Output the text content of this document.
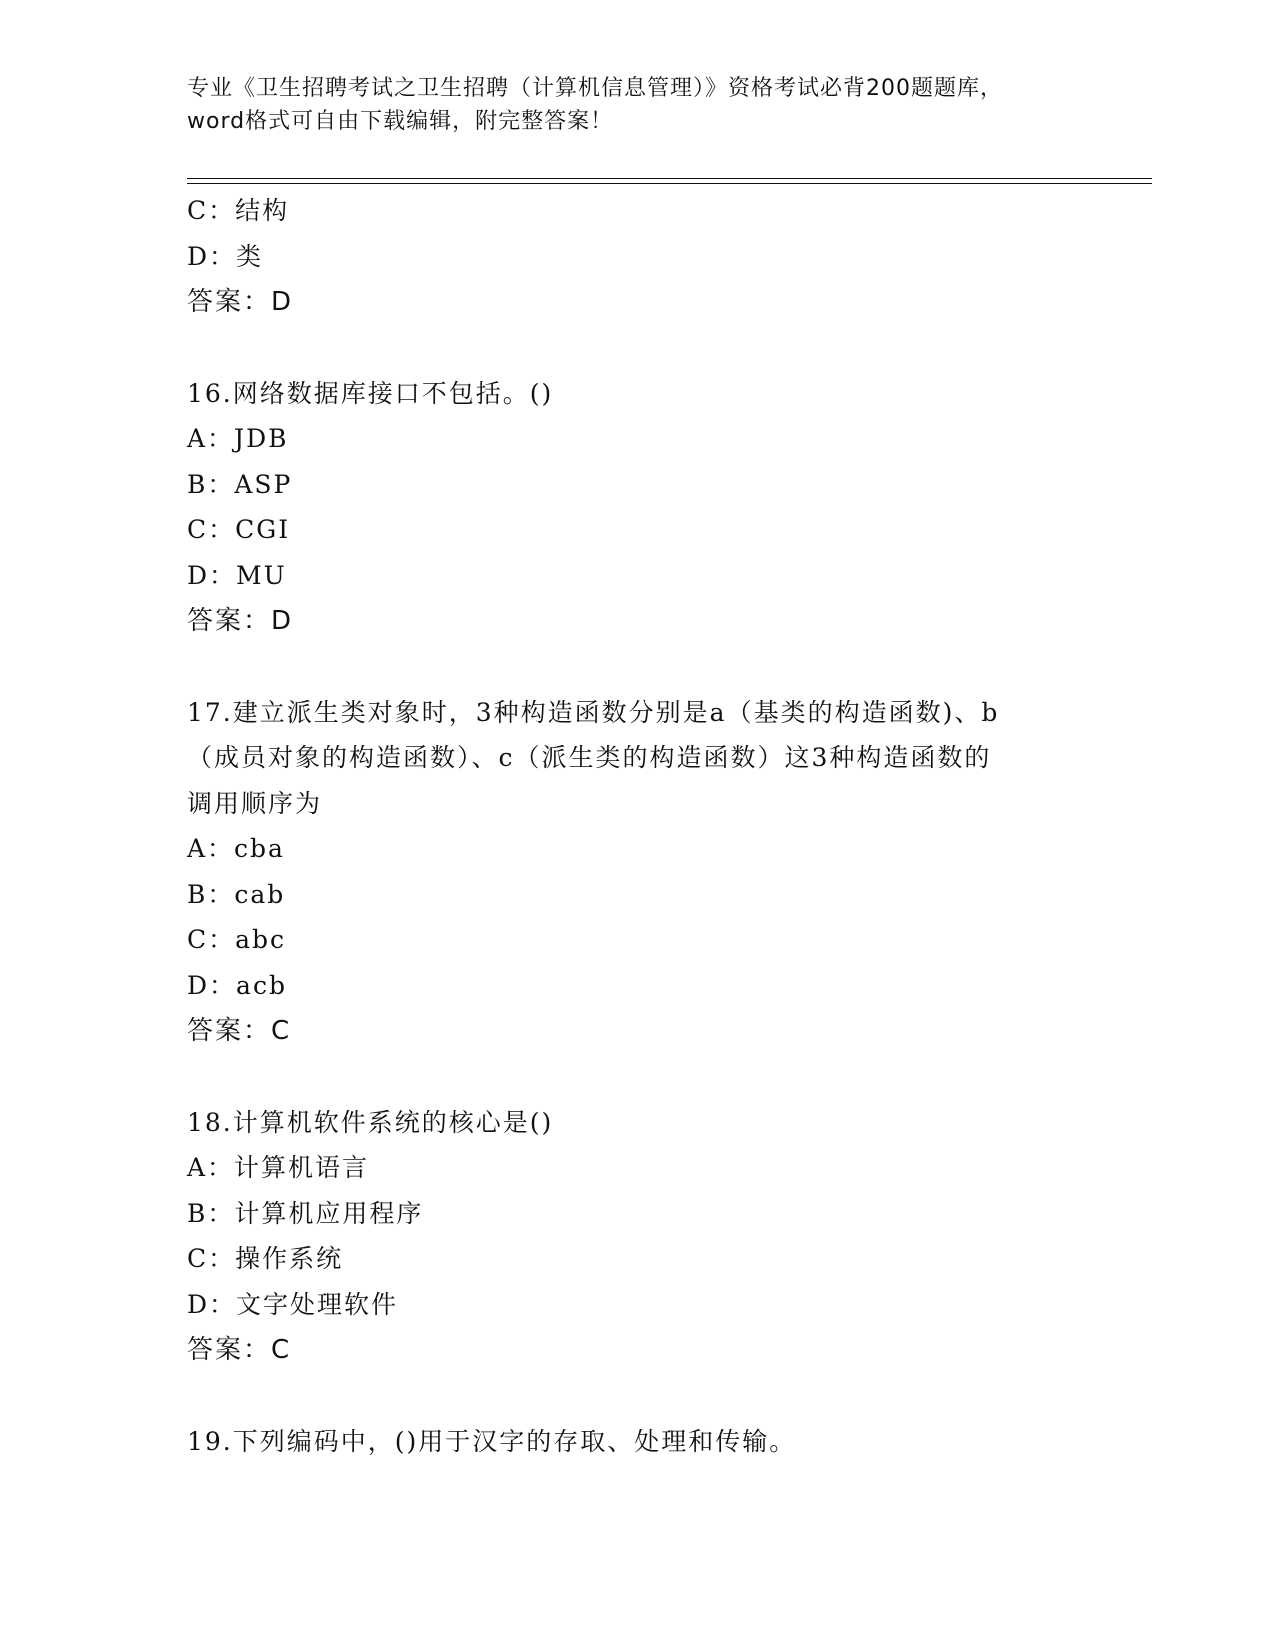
专业《卫生招聘考试之卫生招聘（计算机信息管理）》资格考试必背200题题库，
word格式可自由下载编辑，附完整答案！
C：结构
D：类
答案：D
16.网络数据库接口不包括。()
A：JDB
B：ASP
C：CGI
D：MU
答案：D
17.建立派生类对象时，3种构造函数分别是a（基类的构造函数)、b
（成员对象的构造函数）、c（派生类的构造函数）这3种构造函数的
调用顺序为
A：cba
B：cab
C：abc
D：acb
答案：C
18.计算机软件系统的核心是()
A：计算机语言
B：计算机应用程序
C：操作系统
D：文字处理软件
答案：C
19.下列编码中，()用于汉字的存取、处理和传输。
